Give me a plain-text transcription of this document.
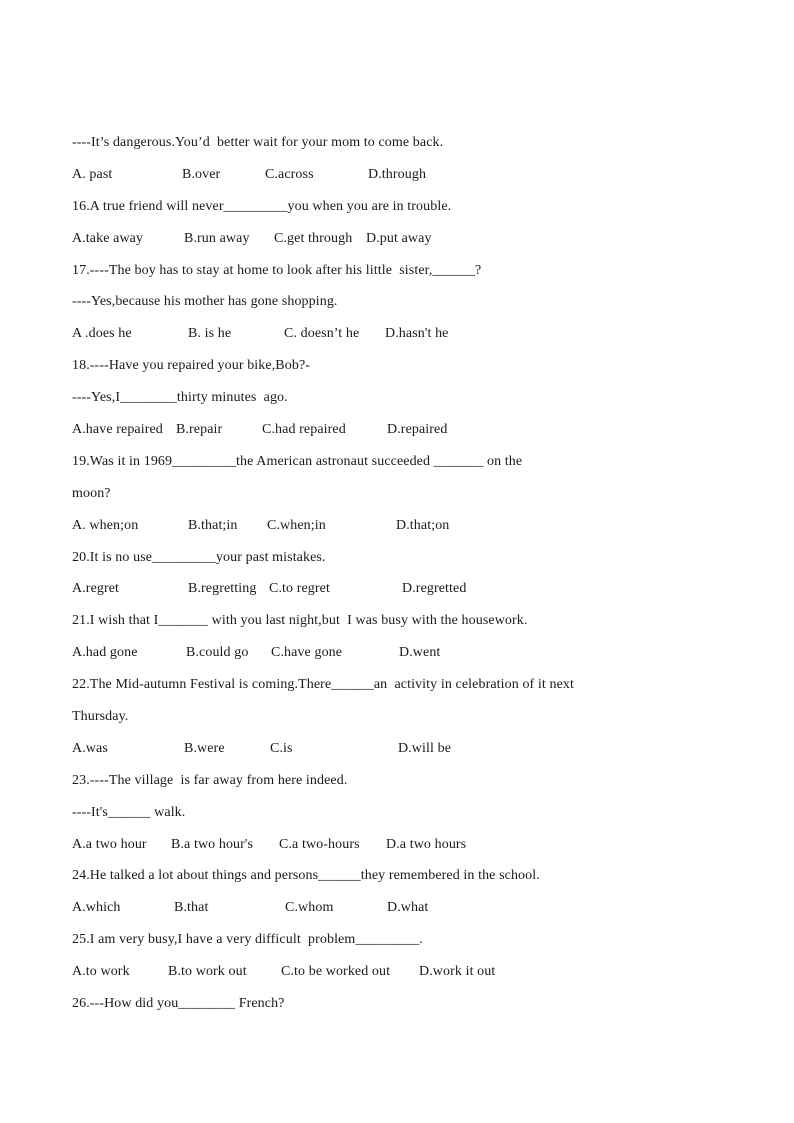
----It’s dangerous.You’d  better wait for your mom to come back.

A. past

	B.over

	C.across

	D.through

16.A true friend will never_________you when you are in trouble.

A.take away

	B.run away

C.get through

D.put away

17.----The boy has to stay at home to look after his little  sister,______?
----Yes,because his mother has gone shopping.

A .does he

	B. is he

	C. doesn’t he

D.hasn't he

18.----Have you repaired your bike,Bob?-
----Yes,I________thirty minutes  ago.

A.have repaired

B.repair

	C.had repaired

	D.repaired

19.Was it in 1969_________the American astronaut succeeded _______ on the
moon?

A. when;on

	B.that;in

C.when;in

	D.that;on

20.It is no use_________your past mistakes.

A.regret

	B.regretting

C.to regret

	D.regretted

21.I wish that I_______ with you last night,but  I was busy with the housework.

A.had gone

	B.could go

C.have gone

	D.went

22.The Mid-autumn Festival is coming.There______an  activity in celebration of it next
Thursday.

A.was

	B.were

	C.is

	D.will be

23.----The village  is far away from here indeed.
----It's______ walk.

A.a two hour

B.a two hour's

C.a two-hours

D.a two hours

24.He talked a lot about things and persons______they remembered in the school.

A.which

	B.that

	C.whom

	D.what

25.I am very busy,I have a very difficult  problem_________.

A.to work

	B.to work out

C.to be worked out

D.work it out

26.---How did you________ French?
